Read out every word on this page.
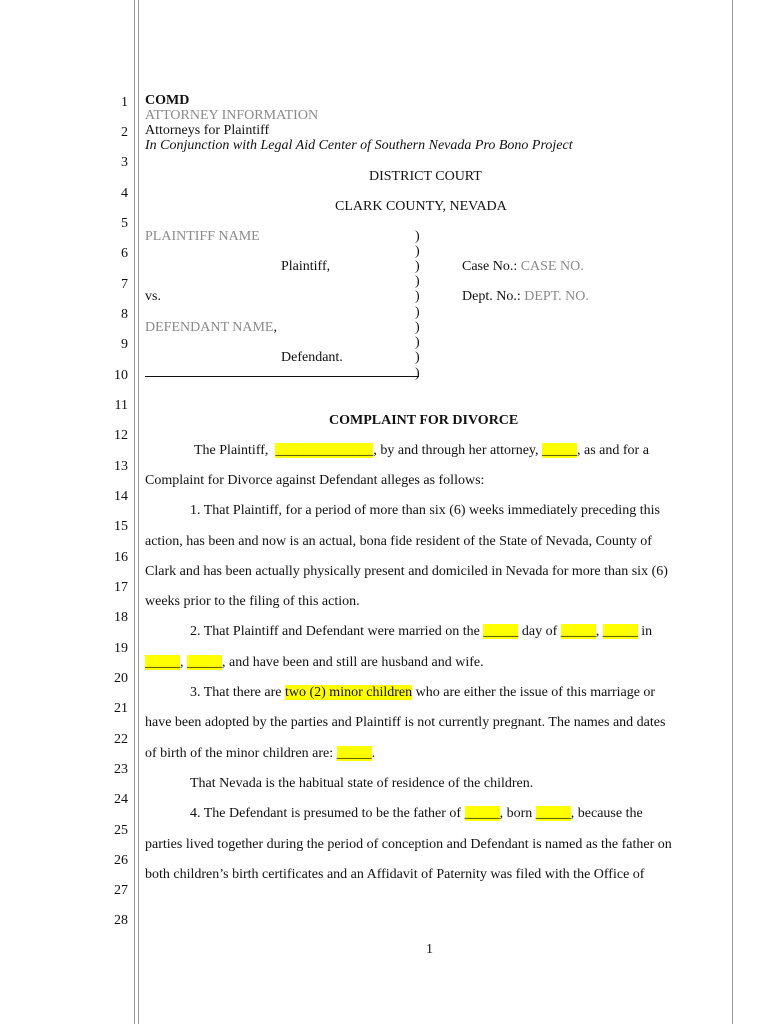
1
2
3
4
5
6
7
8
9
10
11
12
13
14
15
16
17
18
19
20
21
22
23
24
25
26
27
28
COMD
ATTORNEY INFORMATION
Attorneys for Plaintiff
In Conjunction with Legal Aid Center of Southern Nevada Pro Bono Project
DISTRICT COURT
CLARK COUNTY, NEVADA
PLAINTIFF NAME
Plaintiff,
vs.
DEFENDANT NAME,
Defendant.
)
)
)
)
)
)
)
)
)
)
Case No.: CASE NO.
Dept. No.: DEPT. NO.
COMPLAINT FOR DIVORCE
The Plaintiff, ______________, by and through her attorney, _____, as and for a
Complaint for Divorce against Defendant alleges as follows:
1. That Plaintiff, for a period of more than six (6) weeks immediately preceding this
action, has been and now is an actual, bona fide resident of the State of Nevada, County of
Clark and has been actually physically present and domiciled in Nevada for more than six (6)
weeks prior to the filing of this action.
2. That Plaintiff and Defendant were married on the _____ day of _____, _____ in
_____, _____, and have been and still are husband and wife.
3. That there are two (2) minor children who are either the issue of this marriage or
have been adopted by the parties and Plaintiff is not currently pregnant. The names and dates
of birth of the minor children are: _____.
That Nevada is the habitual state of residence of the children.
4. The Defendant is presumed to be the father of _____, born _____, because the
parties lived together during the period of conception and Defendant is named as the father on
both children’s birth certificates and an Affidavit of Paternity was filed with the Office of
1
